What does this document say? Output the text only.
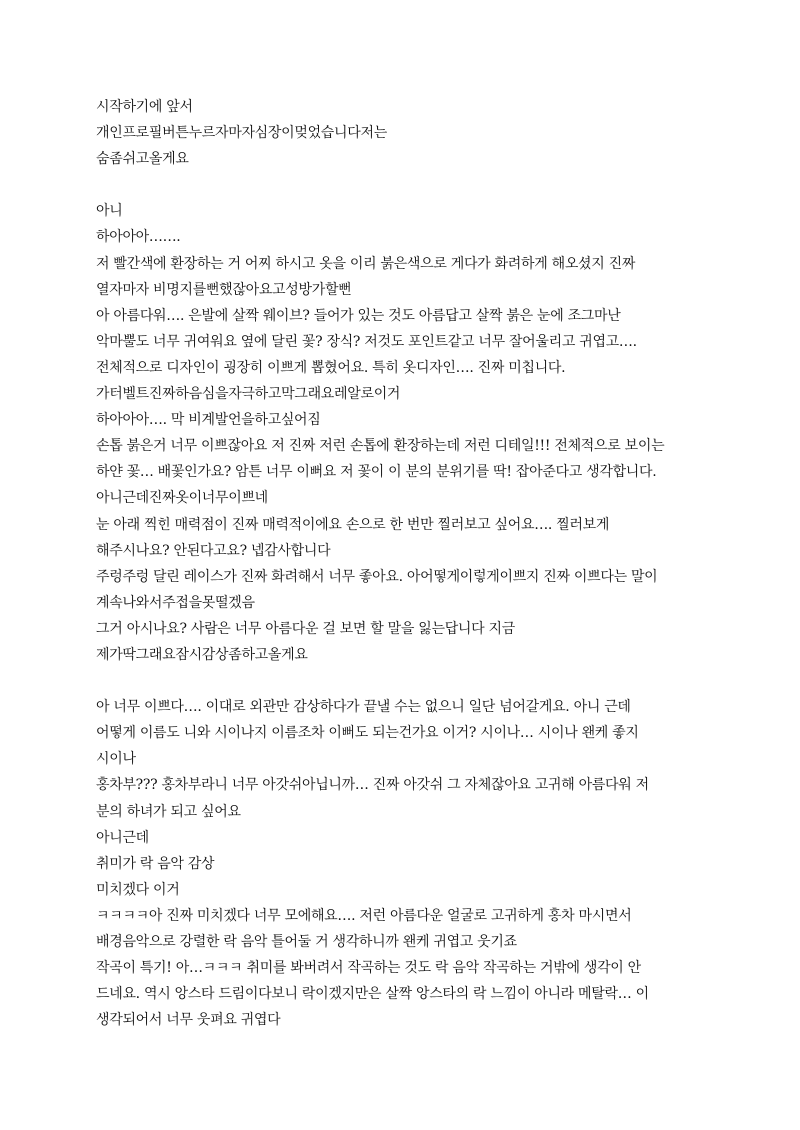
시작하기에 앞서
개인프로필버튼누르자마자심장이멎었습니다저는
숨좀쉬고올게요
아니
하아아아…….
저 빨간색에 환장하는 거 어찌 하시고 옷을 이리 붉은색으로 게다가 화려하게 해오셨지 진짜
열자마자 비명지를뻔했잖아요고성방가할뻔
아 아름다워…. 은발에 살짝 웨이브? 들어가 있는 것도 아름답고 살짝 붉은 눈에 조그마난
악마뿔도 너무 귀여워요 옆에 달린 꽃? 장식? 저것도 포인트같고 너무 잘어울리고 귀엽고….
전체적으로 디자인이 굉장히 이쁘게 뽑혔어요. 특히 옷디자인…. 진짜 미칩니다.
가터벨트진짜하음심을자극하고막그래요레알로이거
하아아아…. 막 비계발언을하고싶어짐
손톱 붉은거 너무 이쁘잖아요 저 진짜 저런 손톱에 환장하는데 저런 디테일!!! 전체적으로 보이는
하얀 꽃… 배꽃인가요? 암튼 너무 이뻐요 저 꽃이 이 분의 분위기를 딱! 잡아준다고 생각합니다.
아니근데진짜옷이너무이쁘네
눈 아래 찍힌 매력점이 진짜 매력적이에요 손으로 한 번만 찔러보고 싶어요…. 찔러보게
해주시나요? 안된다고요? 넵감사합니다
주렁주렁 달린 레이스가 진짜 화려해서 너무 좋아요. 아어떻게이렇게이쁘지 진짜 이쁘다는 말이
계속나와서주접을못떨겠음
그거 아시나요? 사람은 너무 아름다운 걸 보면 할 말을 잃는답니다 지금
제가딱그래요잠시감상좀하고올게요
아 너무 이쁘다…. 이대로 외관만 감상하다가 끝낼 수는 없으니 일단 넘어갈게요. 아니 근데
어떻게 이름도 니와 시이나지 이름조차 이뻐도 되는건가요 이거? 시이나… 시이나 왠케 좋지
시이나
홍차부??? 홍차부라니 너무 아갓쉬아닙니까… 진짜 아갓쉬 그 자체잖아요 고귀해 아름다워 저
분의 하녀가 되고 싶어요
아니근데
취미가 락 음악 감상
미치겠다 이거
ㅋㅋㅋㅋ아 진짜 미치겠다 너무 모에해요…. 저런 아름다운 얼굴로 고귀하게 홍차 마시면서
배경음악으로 강렬한 락 음악 틀어둘 거 생각하니까 왠케 귀엽고 웃기죠
작곡이 특기! 아…ㅋㅋㅋ 취미를 봐버려서 작곡하는 것도 락 음악 작곡하는 거밖에 생각이 안
드네요. 역시 앙스타 드림이다보니 락이겠지만은 살짝 앙스타의 락 느낌이 아니라 메탈락… 이
생각되어서 너무 웃펴요 귀엽다
